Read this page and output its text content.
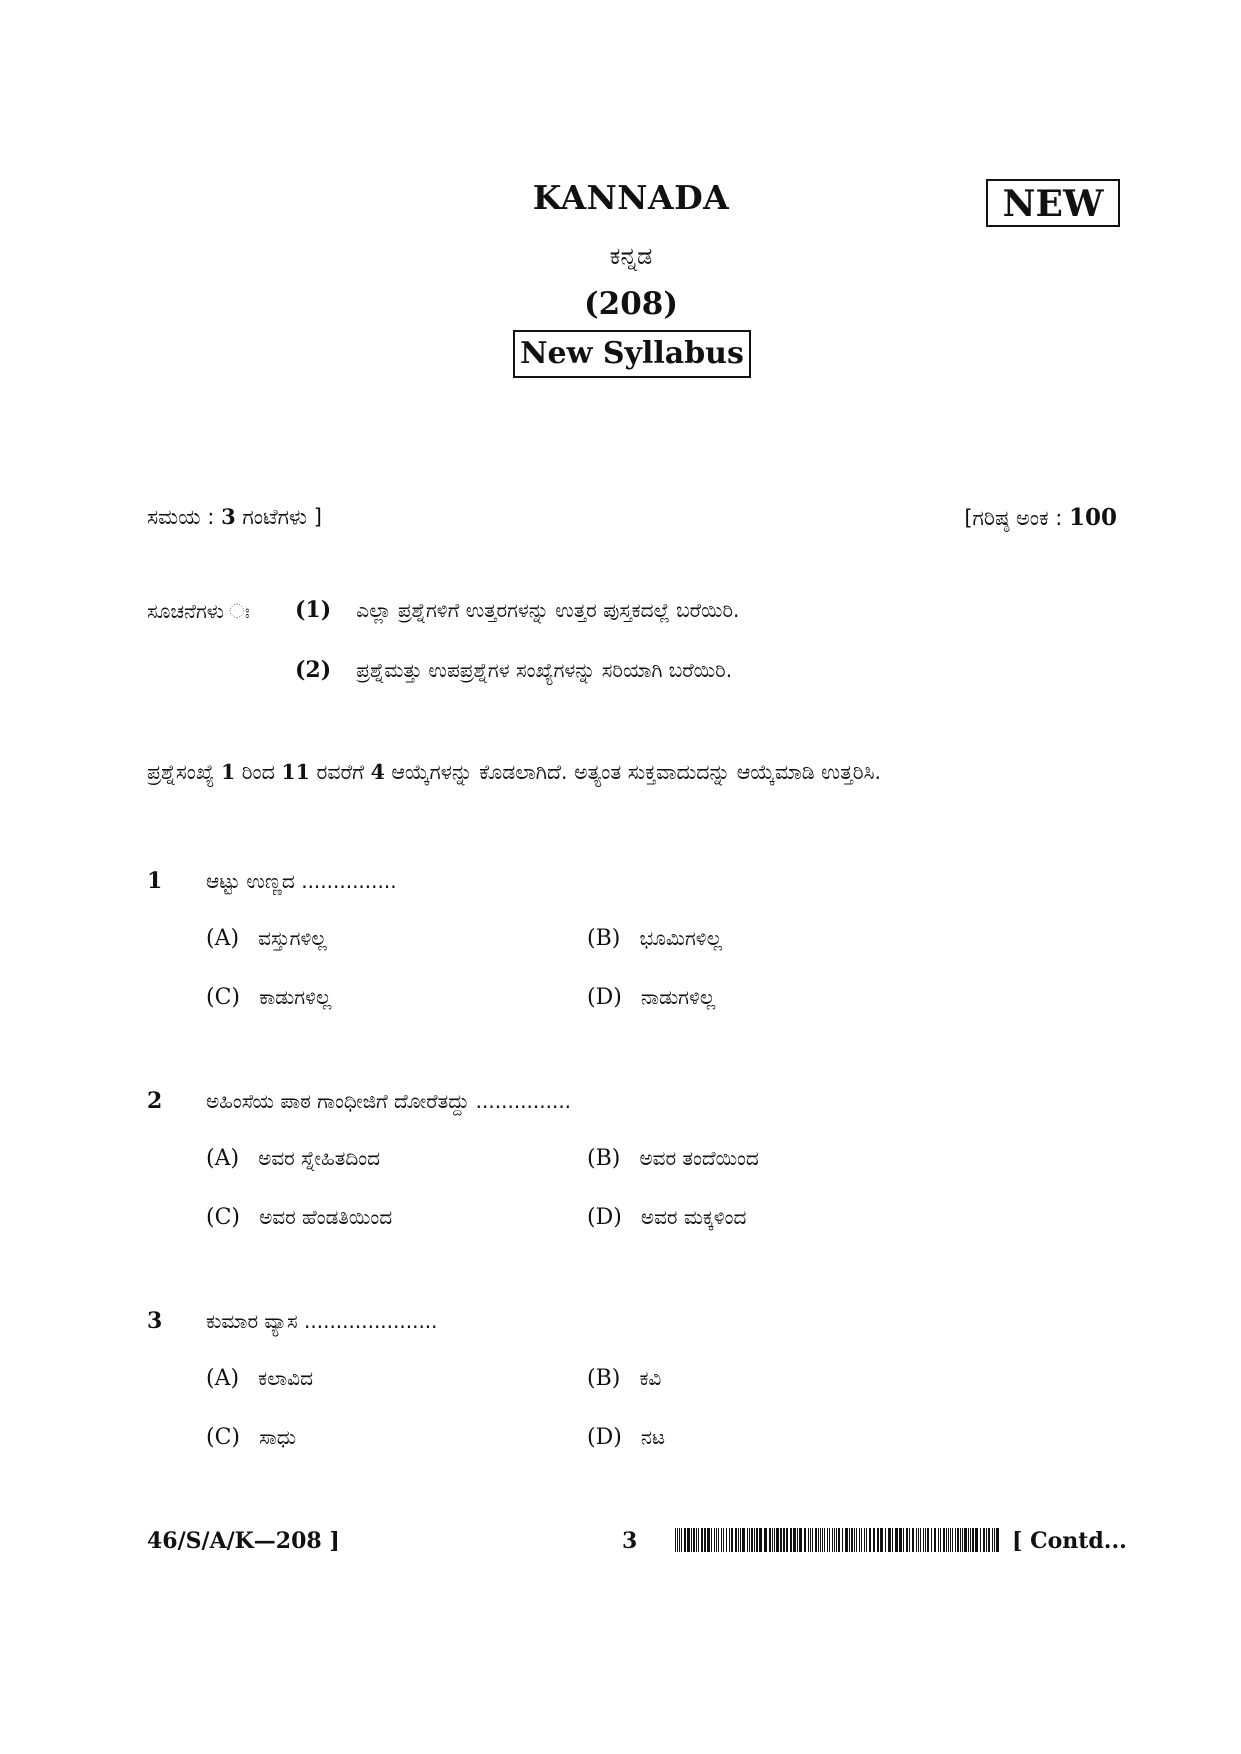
KANNADA
ಕನ್ನಡ
(208)
New Syllabus
NEW
ಸಮಯ : 3 ಗಂಟೆಗಳು ]	[ಗರಿಷ್ಠ ಅಂಕ : 100
ಸೂಚನೆಗಳು ಃ (1) ಎಲ್ಲಾ ಪ್ರಶ್ನೆಗಳಿಗೆ ಉತ್ತರಗಳನ್ನು ಉತ್ತರ ಪುಸ್ತಕದಲ್ಲೆ ಬರೆಯಿರಿ.
(2) ಪ್ರಶ್ನೆಮತ್ತು ಉಪಪ್ರಶ್ನೆಗಳ ಸಂಖ್ಯೆಗಳನ್ನು ಸರಿಯಾಗಿ ಬರೆಯಿರಿ.
ಪ್ರಶ್ನೆಸಂಖ್ಯೆ 1 ರಿಂದ 11 ರವರೆಗೆ 4 ಆಯ್ಕೆಗಳನ್ನು ಕೊಡಲಾಗಿದೆ. ಅತ್ಯಂತ ಸುಕ್ತವಾದುದನ್ನು ಆಯ್ಕೆಮಾಡಿ ಉತ್ತರಿಸಿ.
1 ಆಟ್ಟು ಉಣ್ಣದ ...............
(A) ವಸ್ತುಗಳಿಲ್ಲ	(B) ಭೂಮಿಗಳಿಲ್ಲ
(C) ಕಾಡುಗಳಿಲ್ಲ	(D) ನಾಡುಗಳಿಲ್ಲ
2 ಅಹಿಂಸೆಯ ಪಾಠ ಗಾಂಧೀಜಿಗೆ ದೋರೆತದ್ದು ...............
(A) ಅವರ ಸ್ನೇಹಿತದಿಂದ	(B) ಅವರ ತಂದೆಯಿಂದ
(C) ಅವರ ಹೆಂಡತಿಯಿಂದ	(D) ಅವರ ಮಕ್ಕಳಿಂದ
3 ಕುಮಾರ ವ್ಯಾಸ .....................
(A) ಕಲಾವಿದ	(B) ಕವಿ
(C) ಸಾಧು	(D) ನಟ
46/S/A/K—208 ]	3	[ Contd...
